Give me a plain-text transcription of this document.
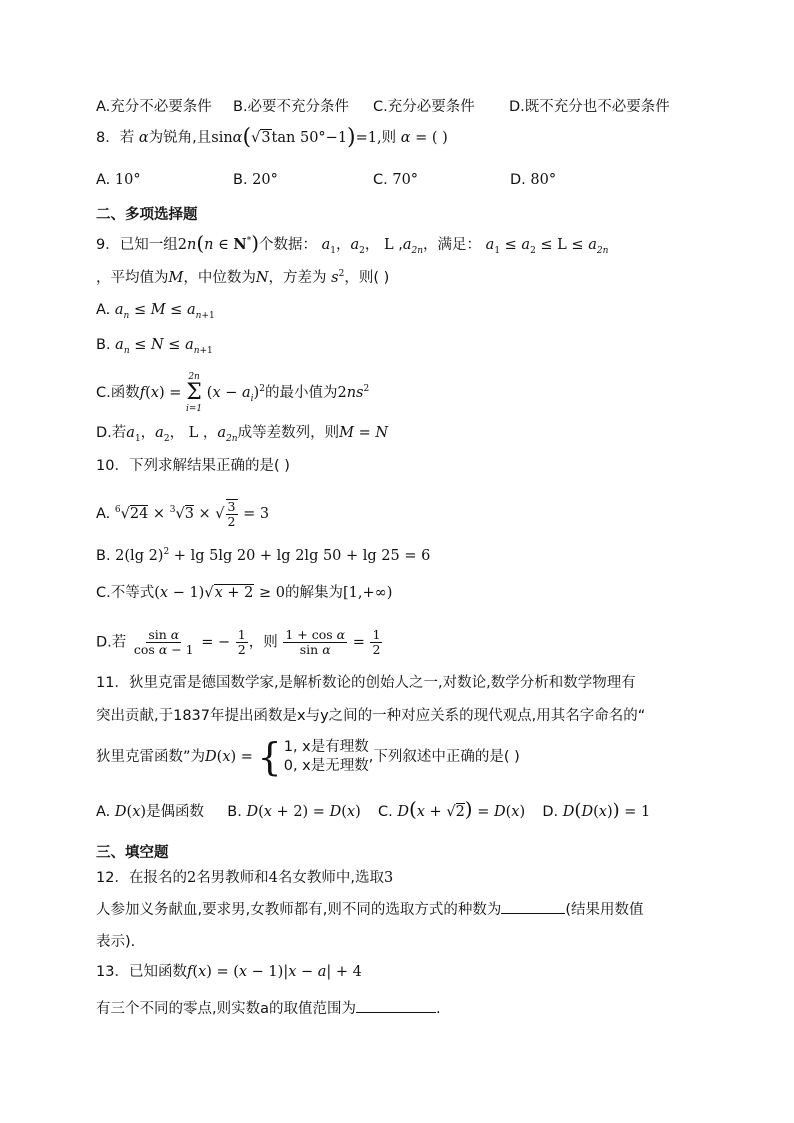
A.充分不必要条件 B.必要不充分条件 C.充分必要条件 D.既不充分也不必要条件
8．若 α为锐角,且sinα(√3tan 50°−1)=1,则 α = ( )
A. 10°	B. 20°	C. 70°	D. 80°
二、多项选择题
9．已知一组2n(n ∈ N*)个数据： $a_1$，$a_2$， L $,a_{2n}$，满足： $a_1 \le a_2 \le L \le a_{2n}$
，平均值为M，中位数为N，方差为 $s^2$，则( )
A. $a_n \le M \le a_{n+1}$
B. $a_n \le N \le a_{n+1}$
C.函数f(x) =
2n
Σ
i=1
$(x - a_i)^2$的最小值为$2ns^2$
D.若$a_1$，$a_2$， L ，$a_{2n}$成等差数列，则M = N
10．下列求解结果正确的是( )
A. $^6$√24 × $^3$√3 × √ $\frac{3}{2} = 3$
B. 2(lg 2)$^2$ + lg 5lg 20 + lg 2lg 50 + lg 25 = 6
C.不等式(x − 1)√x + 2 ≥ 0的解集为[1,+∞)
D.若 $\frac{\text{sin α}}{\text{cos α − 1}}$ = − $\frac{1}{2}$ ，则 $\frac{\text{1 + cos α}}{\text{sin α}} = \frac{1}{2}$
11．狄里克雷是德国数学家,是解析数论的创始人之一,对数论,数学分析和数学物理有
突出贡献,于1837年提出函数是x与y之间的一种对应关系的现代观点,用其名字命名的“
狄里克雷函数”为D(x) = { 1, x是有理数
0, x是无理数
,下列叙述中正确的是( )
A. D(x)是偶函数 B. D(x + 2) = D(x) C. D(x + √2) = D(x) D. D(D(x)) = 1
三、填空题
12．在报名的2名男教师和4名女教师中,选取3
人参加义务献血,要求男,女教师都有,则不同的选取方式的种数为	(结果用数值
表示).
13．已知函数f(x) = (x − 1)|x − a| + 4
有三个不同的零点,则实数a的取值范围为	.
